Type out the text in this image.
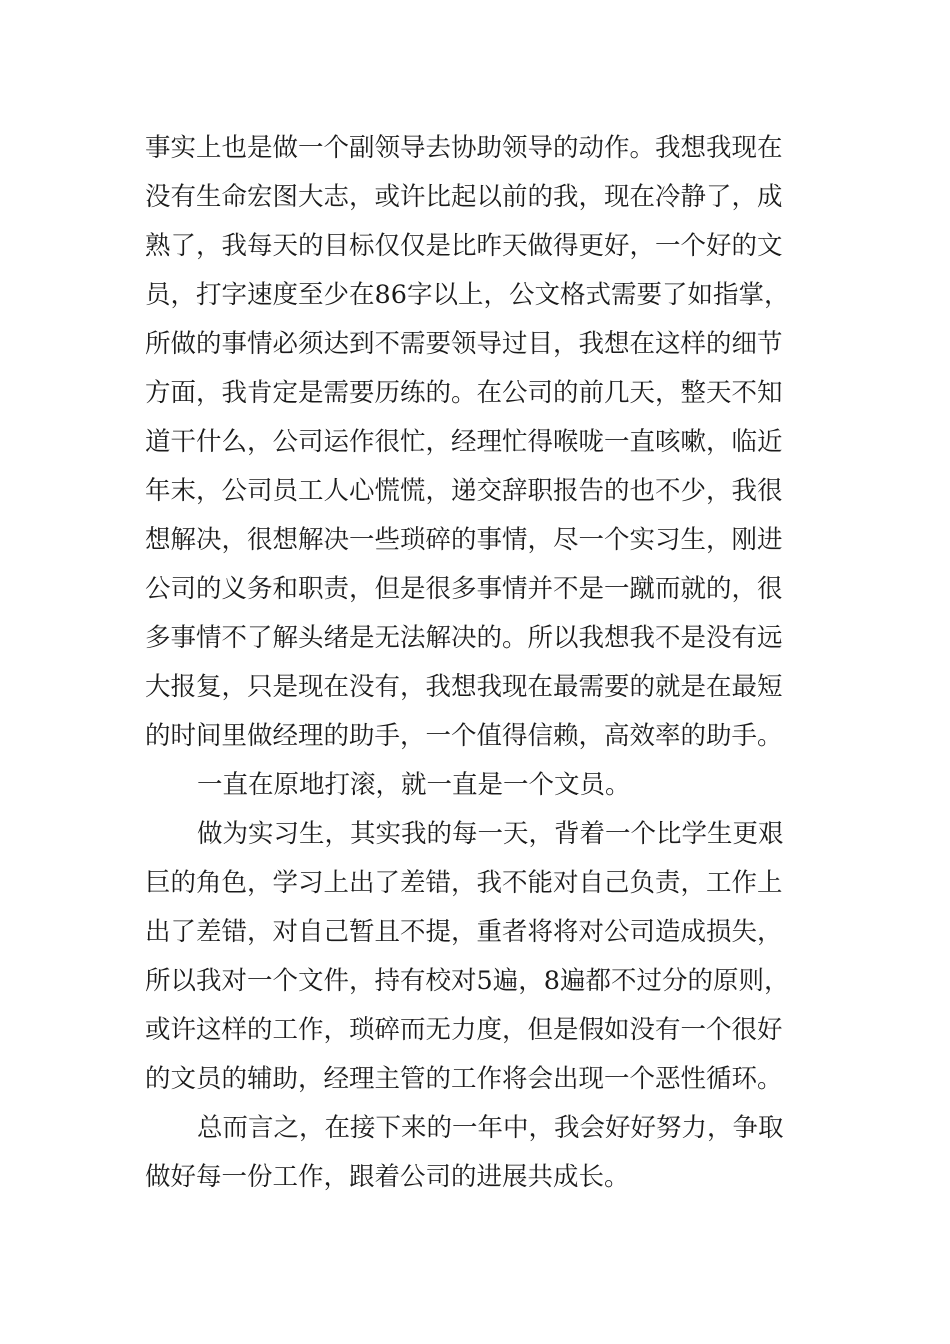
事实上也是做一个副领导去协助领导的动作。我想我现在
没有生命宏图大志，或许比起以前的我，现在冷静了，成
熟了，我每天的目标仅仅是比昨天做得更好，一个好的文
员，打字速度至少在86字以上，公文格式需要了如指掌，
所做的事情必须达到不需要领导过目，我想在这样的细节
方面，我肯定是需要历练的。在公司的前几天，整天不知
道干什么，公司运作很忙，经理忙得喉咙一直咳嗽，临近
年末，公司员工人心慌慌，递交辞职报告的也不少，我很
想解决，很想解决一些琐碎的事情，尽一个实习生，刚进
公司的义务和职责，但是很多事情并不是一蹴而就的，很
多事情不了解头绪是无法解决的。所以我想我不是没有远
大报复，只是现在没有，我想我现在最需要的就是在最短
的时间里做经理的助手，一个值得信赖，高效率的助手。
一直在原地打滚，就一直是一个文员。
做为实习生，其实我的每一天，背着一个比学生更艰
巨的角色，学习上出了差错，我不能对自己负责，工作上
出了差错，对自己暂且不提，重者将将对公司造成损失，
所以我对一个文件，持有校对5遍，8遍都不过分的原则，
或许这样的工作，琐碎而无力度，但是假如没有一个很好
的文员的辅助，经理主管的工作将会出现一个恶性循环。
总而言之，在接下来的一年中，我会好好努力，争取
做好每一份工作，跟着公司的进展共成长。
